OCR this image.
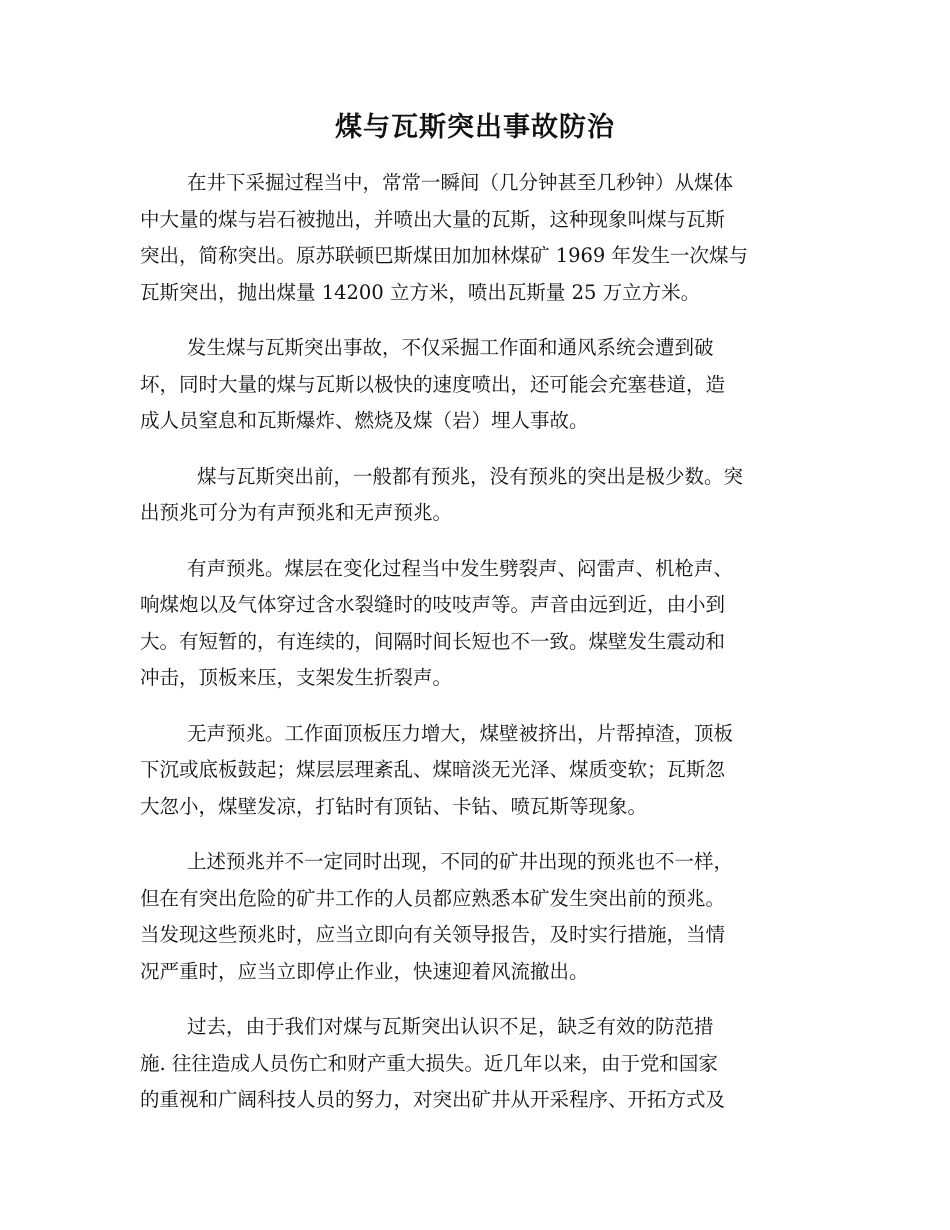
煤与瓦斯突出事故防治

在井下采掘过程当中，常常一瞬间（几分钟甚至几秒钟）从煤体
中大量的煤与岩石被抛出，并喷出大量的瓦斯，这种现象叫煤与瓦斯
突出，简称突出。原苏联顿巴斯煤田加加林煤矿 1969 年发生一次煤与
瓦斯突出，抛出煤量 14200 立方米，喷出瓦斯量 25 万立方米。

发生煤与瓦斯突出事故，不仅采掘工作面和通风系统会遭到破
坏，同时大量的煤与瓦斯以极快的速度喷出，还可能会充塞巷道，造
成人员窒息和瓦斯爆炸、燃烧及煤（岩）埋人事故。

煤与瓦斯突出前，一般都有预兆，没有预兆的突出是极少数。突
出预兆可分为有声预兆和无声预兆。

有声预兆。煤层在变化过程当中发生劈裂声、闷雷声、机枪声、
响煤炮以及气体穿过含水裂缝时的吱吱声等。声音由远到近，由小到
大。有短暂的，有连续的，间隔时间长短也不一致。煤壁发生震动和
冲击，顶板来压，支架发生折裂声。

无声预兆。工作面顶板压力增大，煤壁被挤出，片帮掉渣，顶板
下沉或底板鼓起；煤层层理紊乱、煤暗淡无光泽、煤质变软；瓦斯忽
大忽小，煤壁发凉，打钻时有顶钻、卡钻、喷瓦斯等现象。

上述预兆并不一定同时出现，不同的矿井出现的预兆也不一样，
但在有突出危险的矿井工作的人员都应熟悉本矿发生突出前的预兆。
当发现这些预兆时，应当立即向有关领导报告，及时实行措施，当情
况严重时，应当立即停止作业，快速迎着风流撤出。

过去，由于我们对煤与瓦斯突出认识不足，缺乏有效的防范措
施. 往往造成人员伤亡和财产重大损失。近几年以来，由于党和国家
的重视和广阔科技人员的努力，对突出矿井从开采程序、开拓方式及
